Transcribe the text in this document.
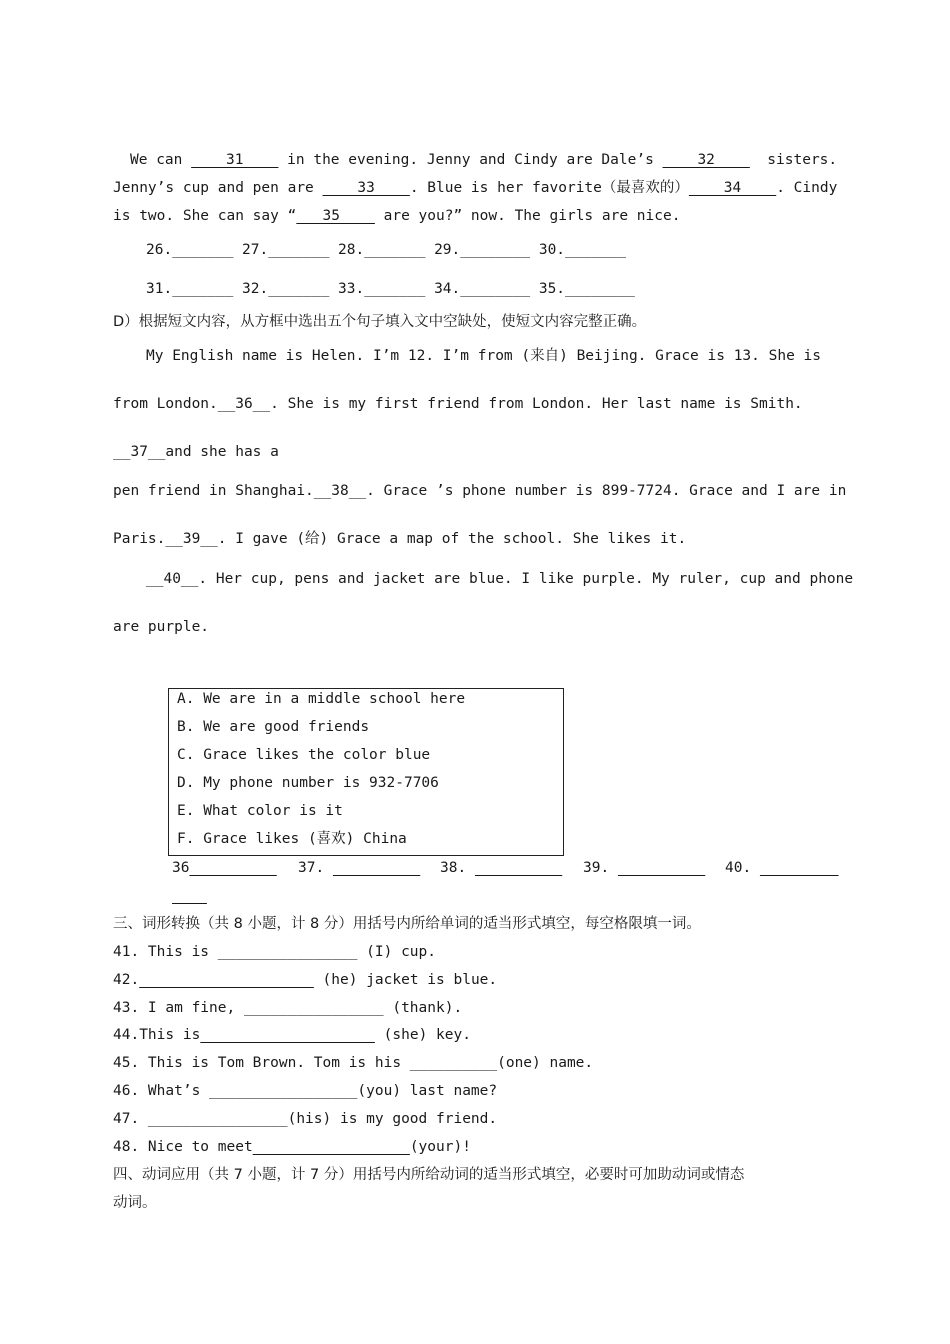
We can     31     in the evening. Jenny and Cindy are Dale’s     32      sisters.
Jenny’s cup and pen are     33    . Blue is her favorite（最喜欢的）    34    . Cindy
is two. She can say “   35     are you?” now. The girls are nice.
26._______ 27._______ 28._______ 29.________ 30._______
31._______ 32._______ 33._______ 34.________ 35.________
D）根据短文内容，从方框中选出五个句子填入文中空缺处，使短文内容完整正确。
My English name is Helen. I’m 12. I’m from (来自) Beijing. Grace is 13. She is
from London.__36__. She is my first friend from London. Her last name is Smith.
__37__and she has a
pen friend in Shanghai.__38__. Grace ’s phone number is 899-7724. Grace and I are in
Paris.__39__. I gave (给) Grace a map of the school. She likes it.
__40__. Her cup, pens and jacket are blue. I like purple. My ruler, cup and phone
are purple.
A. We are in a middle school here
B. We are good friends
C. Grace likes the color blue
D. My phone number is 932-7706
E. What color is it
F. Grace likes (喜欢) China
36	37.	38.	39.	40.

三、词形转换（共 8 小题，计 8 分）用括号内所给单词的适当形式填空，每空格限填一词。
41. This is ________________ (I) cup.
42.	(he) jacket is blue.
43. I am fine, ________________ (thank).
44.This is	(she) key.
45. This is Tom Brown. Tom is his __________(one) name.
46. What’s _________________(you) last name?
47. ________________(his) is my good friend.
48. Nice to meet	(your)!
四、动词应用（共 7 小题，计 7 分）用括号内所给动词的适当形式填空，必要时可加助动词或情态
动词。
